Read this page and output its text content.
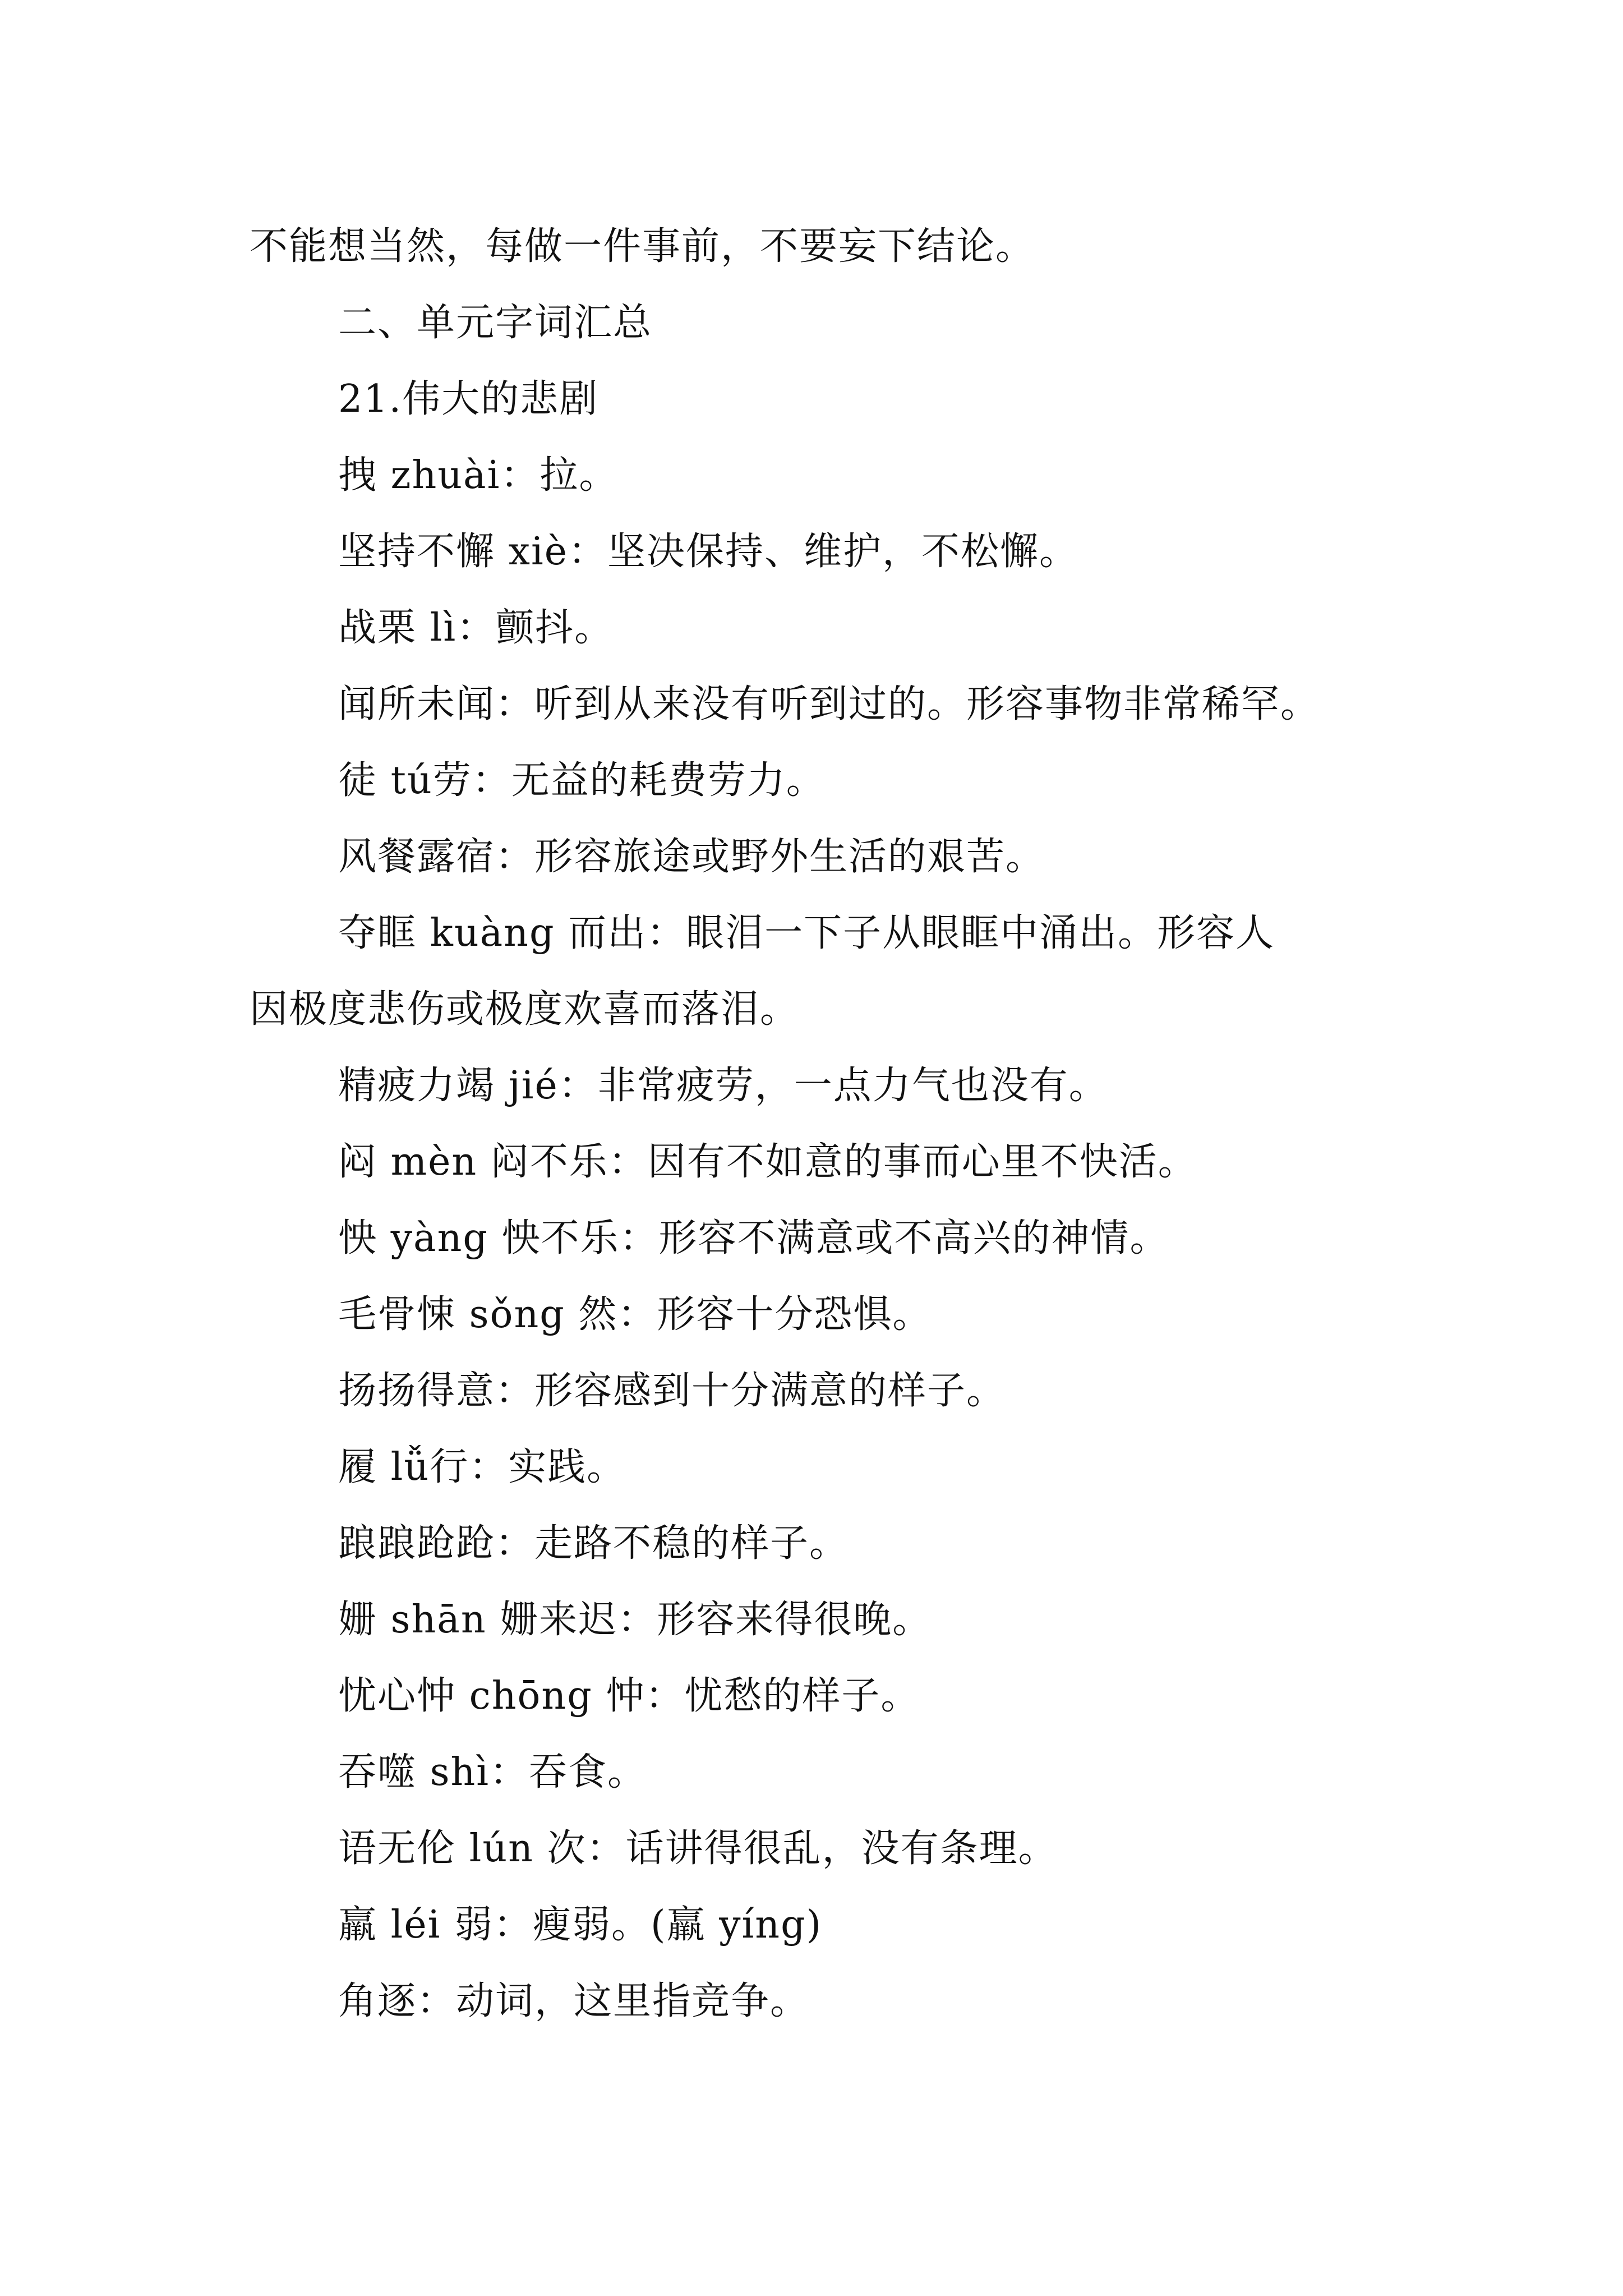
不能想当然，每做一件事前，不要妄下结论。

二、单元字词汇总

21.伟大的悲剧

拽 zhuài：拉。

坚持不懈 xiè：坚决保持、维护，不松懈。

战栗 lì：颤抖。

闻所未闻：听到从来没有听到过的。形容事物非常稀罕。

徒 tú劳：无益的耗费劳力。

风餐露宿：形容旅途或野外生活的艰苦。

夺眶 kuàng 而出：眼泪一下子从眼眶中涌出。形容人

因极度悲伤或极度欢喜而落泪。

精疲力竭 jié：非常疲劳，一点力气也没有。

闷 mèn 闷不乐：因有不如意的事而心里不快活。

怏 yàng 怏不乐：形容不满意或不高兴的神情。

毛骨悚 sǒng 然：形容十分恐惧。

扬扬得意：形容感到十分满意的样子。

履 lǚ行：实践。

踉踉跄跄：走路不稳的样子。

姗 shān 姗来迟：形容来得很晚。

忧心忡 chōng 忡：忧愁的样子。

吞噬 shì：吞食。

语无伦 lún 次：话讲得很乱，没有条理。

羸 léi 弱：瘦弱。(羸 yíng)

角逐：动词，这里指竞争。
